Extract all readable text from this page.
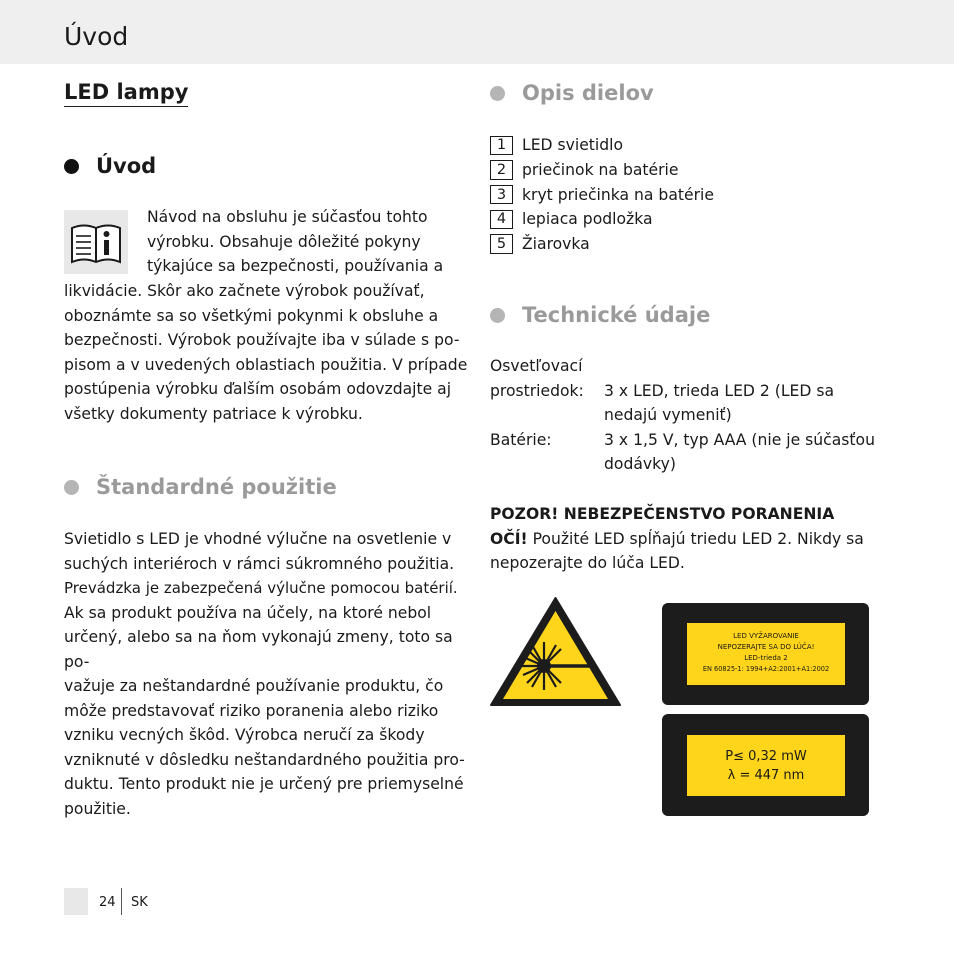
Úvod
LED lampy
Úvod
Návod na obsluhu je súčasťou tohto
výrobku. Obsahuje dôležité pokyny
týkajúce sa bezpečnosti, používania a
likvidácie. Skôr ako začnete výrobok používať,
oboznámte sa so všetkými pokynmi k obsluhe a
bezpečnosti. Výrobok používajte iba v súlade s po-
pisom a v uvedených oblastiach použitia. V prípade
postúpenia výrobku ďalším osobám odovzdajte aj
všetky dokumenty patriace k výrobku.
Štandardné použitie
Svietidlo s LED je vhodné výlučne na osvetlenie v
suchých interiéroch v rámci súkromného použitia.
Prevádzka je zabezpečená výlučne pomocou batérií.
Ak sa produkt používa na účely, na ktoré nebol
určený, alebo sa na ňom vykonajú zmeny, toto sa po-
važuje za neštandardné používanie produktu, čo
môže predstavovať riziko poranenia alebo riziko
vzniku vecných škôd. Výrobca neručí za škody
vzniknuté v dôsledku neštandardného použitia pro-
duktu. Tento produkt nie je určený pre priemyselné
použitie.
Opis dielov
1	LED svietidlo
2	priečinok na batérie
3	kryt priečinka na batérie
4	lepiaca podložka
5	Žiarovka
Technické údaje
Osvetľovací
prostriedok: 3 x LED, trieda LED 2 (LED sa
nedajú vymeniť)
Batérie:	3 x 1,5 V, typ AAA (nie je súčasťou
dodávky)
POZOR! NEBEZPEČENSTVO PORANENIA
OČÍ! Použité LED spĺňajú triedu LED 2. Nikdy sa
nepozerajte do lúča LED.
LED VYŽAROVANIE
NEPOZERAJTE SA DO LÚČA!
LED-trieda 2
EN 60825-1: 1994+A2:2001+A1:2002
P≤ 0,32 mW
λ = 447 nm
24 SK
